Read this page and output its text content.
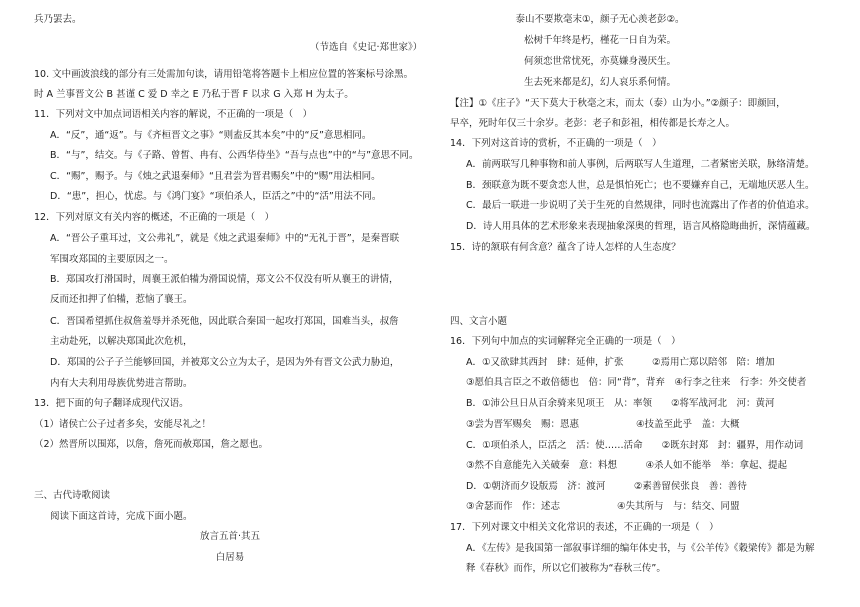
兵乃罢去。
（节选自《史记·郑世家》）
10. 文中画波浪线的部分有三处需加句读，请用铅笔将答题卡上相应位置的答案标号涂黑。
时 A 兰事晋文公 B 甚谨 C 爱 D 幸之 E 乃私于晋 F 以求 G 入郑 H 为太子。
11．下列对文中加点词语相关内容的解说，不正确的一项是（　）
A．“反”，通“返”。与《齐桓晋文之事》“则盍反其本矣”中的“反”意思相同。
B．“与”，结交。与《子路、曾皙、冉有、公西华侍坐》“吾与点也”中的“与”意思不同。
C．“赐”，赐予。与《烛之武退秦师》“且君尝为晋君赐矣”中的“赐”用法相同。
D．“患”，担心，忧虑。与《鸿门宴》“项伯杀人，臣活之”中的“活”用法不同。
12．下列对原文有关内容的概述，不正确的一项是（　）
A．“晋公子重耳过，文公弗礼”，就是《烛之武退秦师》中的“无礼于晋”，是秦晋联
军围攻郑国的主要原因之一。
B．郑国攻打滑国时，周襄王派伯犕为滑国说情，郑文公不仅没有听从襄王的讲情，
反而还扣押了伯犕，惹恼了襄王。
C．晋国希望抓住叔詹羞辱并杀死他，因此联合秦国一起攻打郑国，国难当头，叔詹
主动赴死，以解决郑国此次危机，
D．郑国的公子子兰能够回国，并被郑文公立为太子，是因为外有晋文公武力胁迫，
内有大夫利用母族优势进言帮助。
13．把下面的句子翻译成现代汉语。
（1）诸侯亡公子过者多矣，安能尽礼之！
（2）然晋所以围郑，以詹，詹死而赦郑国，詹之愿也。
三、古代诗歌阅读
阅读下面这首诗，完成下面小题。
放言五首·其五
白居易
泰山不要欺毫末①，颜子无心羡老彭②。
松树千年终是朽，槿花一日自为荣。
何须恋世常忧死，亦莫嫌身漫厌生。
生去死来都是幻，幻人哀乐系何情。
【注】①《庄子》“天下莫大于秋毫之末，而太（泰）山为小。”②颜子：即颜回，
早卒，死时年仅三十余岁。老彭：老子和彭祖，相传都是长寿之人。
14．下列对这首诗的赏析，不正确的一项是（　）
A．前两联写几种事物和前人事例，后两联写人生道理，二者紧密关联，脉络清楚。
B．颈联意为既不要贪恋人世，总是惧怕死亡；也不要嫌弃自己，无端地厌恶人生。
C．最后一联进一步说明了关于生死的自然规律，同时也流露出了作者的价值追求。
D．诗人用具体的艺术形象来表现抽象深奥的哲理，语言风格隐晦曲折，深情蕴藏。
15．诗的颔联有何含意？蕴含了诗人怎样的人生态度？
四、文言小题
16．下列句中加点的实词解释完全正确的一项是（　）
A．①又欲肆其西封　肆：延伸，扩张　　　②焉用亡郑以陪邻　陪：增加
③愿伯具言臣之不敢倍德也　倍：同“背”，背弃　④行李之往来　行李：外交使者
B．①沛公旦日从百余骑来见项王　从：率领　　②将军战河北　河：黄河
③尝为晋军赐矣　赐：恩惠　　　　　　④技盖至此乎　盖：大概
C．①项伯杀人，臣活之　活：使……活命　　②既东封郑　封：疆界，用作动词
③然不自意能先入关破秦　意：料想　　　④杀人如不能举　举：拿起、提起
D．①朝济而夕设版焉　济：渡河　　　②素善留侯张良　善：善待
③舍瑟而作　作：述志　　　　　　④失其所与　与：结交、同盟
17．下列对课文中相关文化常识的表述，不正确的一项是（　）
A．《左传》是我国第一部叙事详细的编年体史书，与《公羊传》《穀梁传》都是为解
释《春秋》而作，所以它们被称为“春秋三传”。
